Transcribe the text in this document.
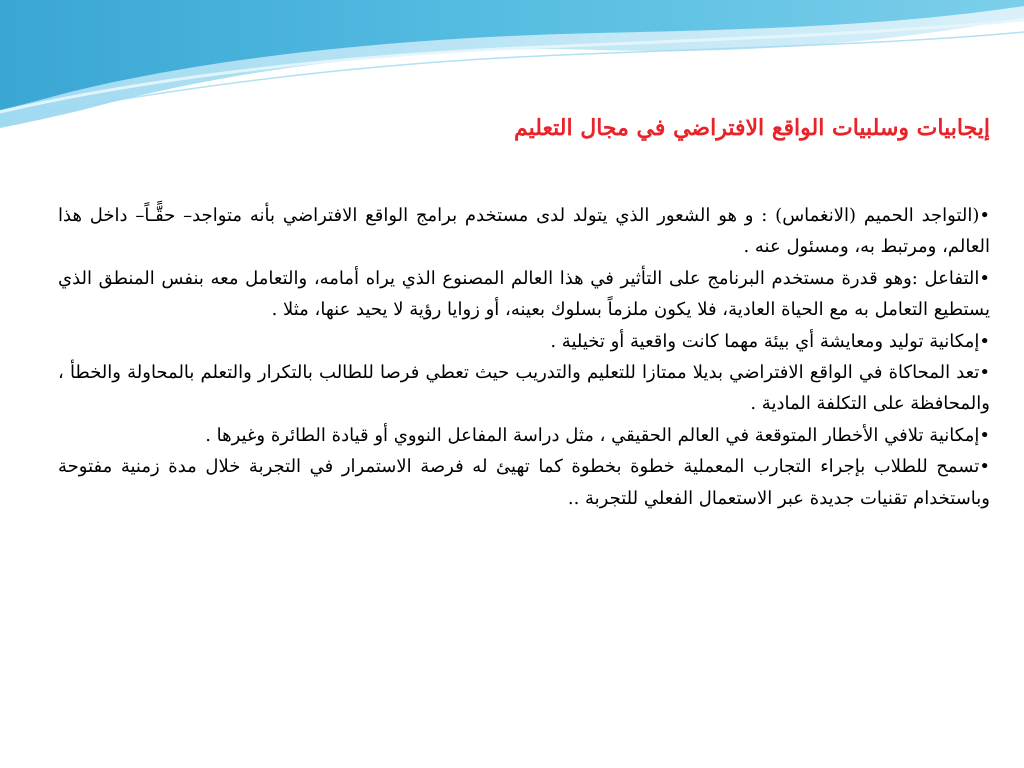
إيجابيات وسلبيات الواقع الافتراضي في مجال التعليم

•(التواجد الحميم (الانغماس) : و هو الشعور الذي يتولد لدى مستخدم برامج الواقع الافتراضي بأنه متواجد– حقًّـاً– داخل هذا العالم، ومرتبط به، ومسئول عنه .

•التفاعل :وهو قدرة مستخدم البرنامج على التأثير في هذا العالم المصنوع الذي يراه أمامه، والتعامل معه بنفس المنطق الذي يستطيع التعامل به مع الحياة العادية، فلا يكون ملزماً بسلوك بعينه، أو زوايا رؤية لا يحيد عنها، مثلا .

•إمكانية توليد ومعايشة أي بيئة مهما كانت واقعية أو تخيلية .

•تعد المحاكاة في الواقع الافتراضي بديلا ممتازا للتعليم والتدريب حيث تعطي فرصا للطالب بالتكرار والتعلم بالمحاولة والخطأ ، والمحافظة على التكلفة المادية .

•إمكانية تلافي الأخطار المتوقعة في العالم الحقيقي ، مثل دراسة المفاعل النووي أو قيادة الطائرة وغيرها .

•تسمح للطلاب بإجراء التجارب المعملية خطوة بخطوة كما تهيئ له فرصة الاستمرار في التجربة خلال مدة زمنية مفتوحة وباستخدام تقنيات جديدة عبر الاستعمال الفعلي للتجربة ..
